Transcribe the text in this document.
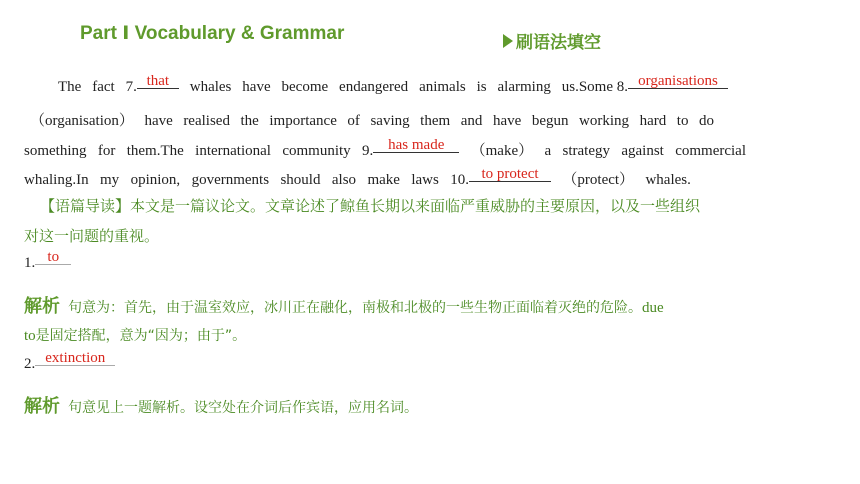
Part Ⅰ Vocabulary & Grammar	刷语法填空
The fact 7. that	whales have become endangered animals is alarming us.Some 8. organisations
（organisation） have realised the importance of saving them and have begun working hard to do
something for them.The international community 9. has made	（make） a strategy against commercial
whaling.In my opinion, governments should also make laws 10. to protect	（protect） whales.
【语篇导读】本文是一篇议论文。文章论述了鲸鱼长期以来面临严重威胁的主要原因，以及一些组织
对这一问题的重视。
1. to
解析 句意为：首先，由于温室效应，冰川正在融化，南极和北极的一些生物正面临着灭绝的危险。due
to是固定搭配，意为“因为；由于”。
2. extinction
解析 句意见上一题解析。设空处在介词后作宾语，应用名词。
